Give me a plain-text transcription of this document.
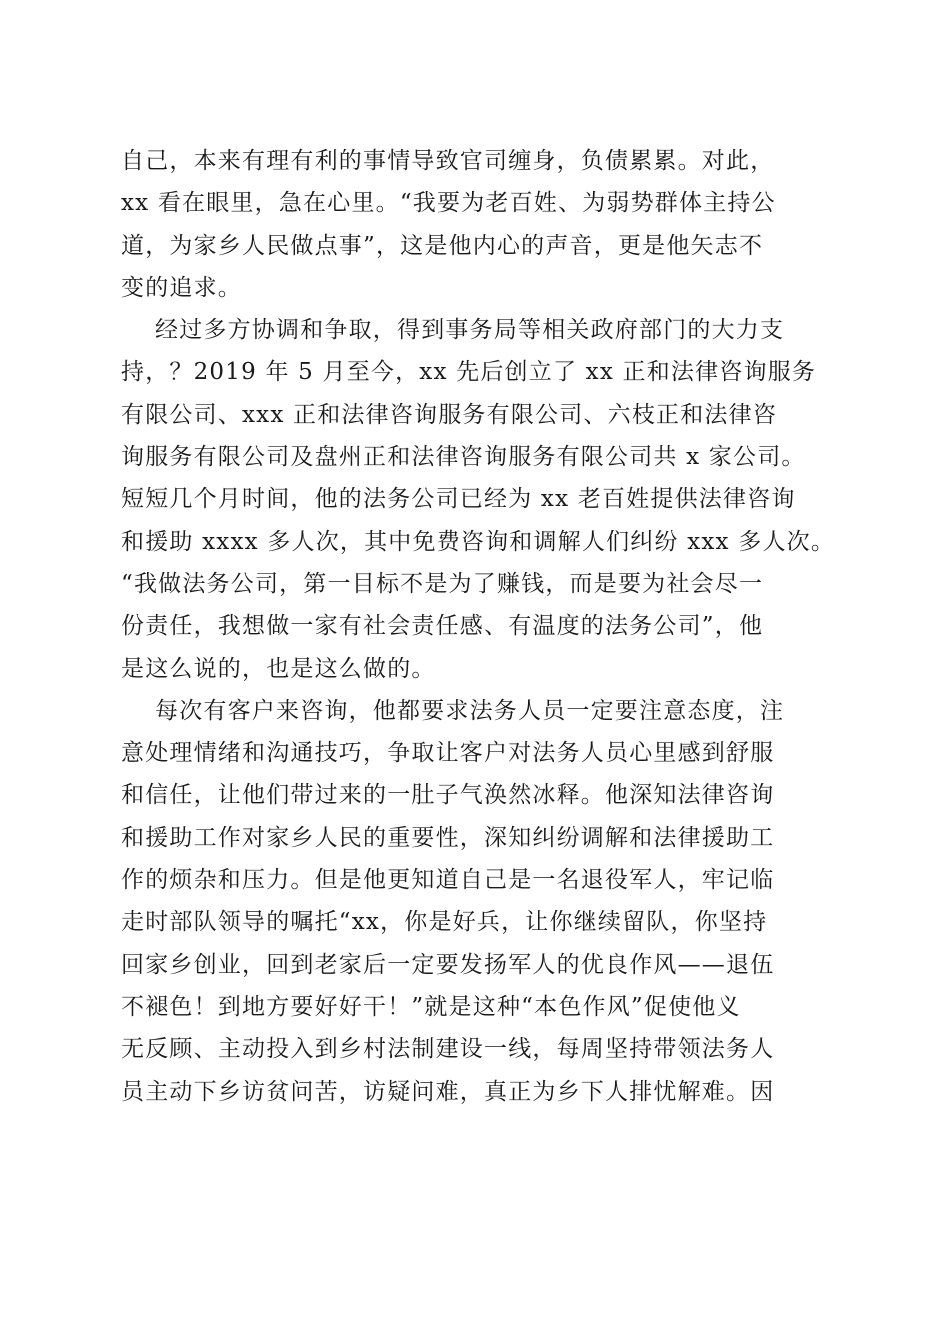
自己，本来有理有利的事情导致官司缠身，负债累累。对此，
xx 看在眼里，急在心里。“我要为老百姓、为弱势群体主持公
道，为家乡人民做点事”，这是他内心的声音，更是他矢志不
变的追求。
经过多方协调和争取，得到事务局等相关政府部门的大力支
持，？2019 年 5 月至今，xx 先后创立了 xx 正和法律咨询服务
有限公司、xxx 正和法律咨询服务有限公司、六枝正和法律咨
询服务有限公司及盘州正和法律咨询服务有限公司共 x 家公司。
短短几个月时间，他的法务公司已经为 xx 老百姓提供法律咨询
和援助 xxxx 多人次，其中免费咨询和调解人们纠纷 xxx 多人次。
“我做法务公司，第一目标不是为了赚钱，而是要为社会尽一
份责任，我想做一家有社会责任感、有温度的法务公司”，他
是这么说的，也是这么做的。
每次有客户来咨询，他都要求法务人员一定要注意态度，注
意处理情绪和沟通技巧，争取让客户对法务人员心里感到舒服
和信任，让他们带过来的一肚子气涣然冰释。他深知法律咨询
和援助工作对家乡人民的重要性，深知纠纷调解和法律援助工
作的烦杂和压力。但是他更知道自己是一名退役军人，牢记临
走时部队领导的嘱托“xx，你是好兵，让你继续留队，你坚持
回家乡创业，回到老家后一定要发扬军人的优良作风——退伍
不褪色！到地方要好好干！”就是这种“本色作风”促使他义
无反顾、主动投入到乡村法制建设一线，每周坚持带领法务人
员主动下乡访贫问苦，访疑问难，真正为乡下人排忧解难。因
